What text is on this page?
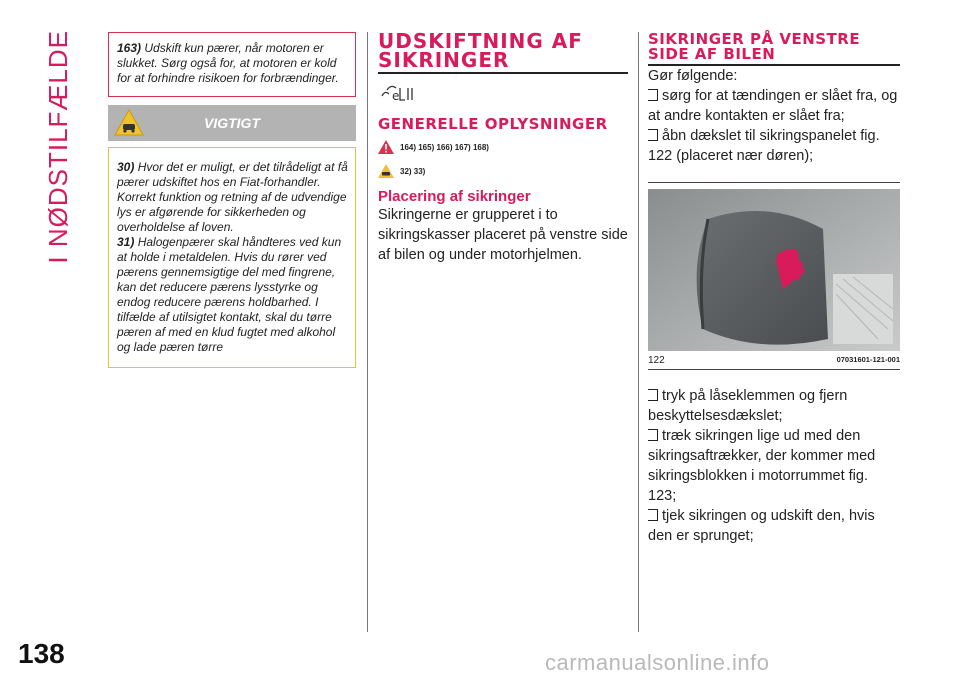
I NØDSTILFÆLDE	163) Udskift kun pærer, når motoren er slukket. Sørg også for, at motoren er kold for at forhindre risikoen for forbrændinger.
VIGTIGT
30) Hvor det er muligt, er det tilrådeligt at få pærer udskiftet hos en Fiat-forhandler. Korrekt funktion og retning af de udvendige lys er afgørende for sikkerheden og overholdelse af loven.
31) Halogenpærer skal håndteres ved kun at holde i metaldelen. Hvis du rører ved pærens gennemsigtige del med fingrene, kan det reducere pærens lysstyrke og endog reducere pærens holdbarhed. I tilfælde af utilsigtet kontakt, skal du tørre pæren af med en klud fugtet med alkohol og lade pæren tørre
UDSKIFTNING AF SIKRINGER
e
GENERELLE OPLYSNINGER
164) 165) 166) 167) 168)
32) 33)
Placering af sikringer
Sikringerne er grupperet i to sikringskasser placeret på venstre side af bilen og under motorhjelmen.
SIKRINGER PÅ VENSTRE SIDE AF BILEN
Gør følgende:
sørg for at tændingen er slået fra, og at andre kontakten er slået fra;
åbn dækslet til sikringspanelet fig. 122 (placeret nær døren);
122	07031601-121-001
tryk på låseklemmen og fjern beskyttelsesdækslet;
træk sikringen lige ud med den sikringsaftrækker, der kommer med sikringsblokken i motorrummet fig. 123;
tjek sikringen og udskift den, hvis den er sprunget;
138	carmanualsonline.info
